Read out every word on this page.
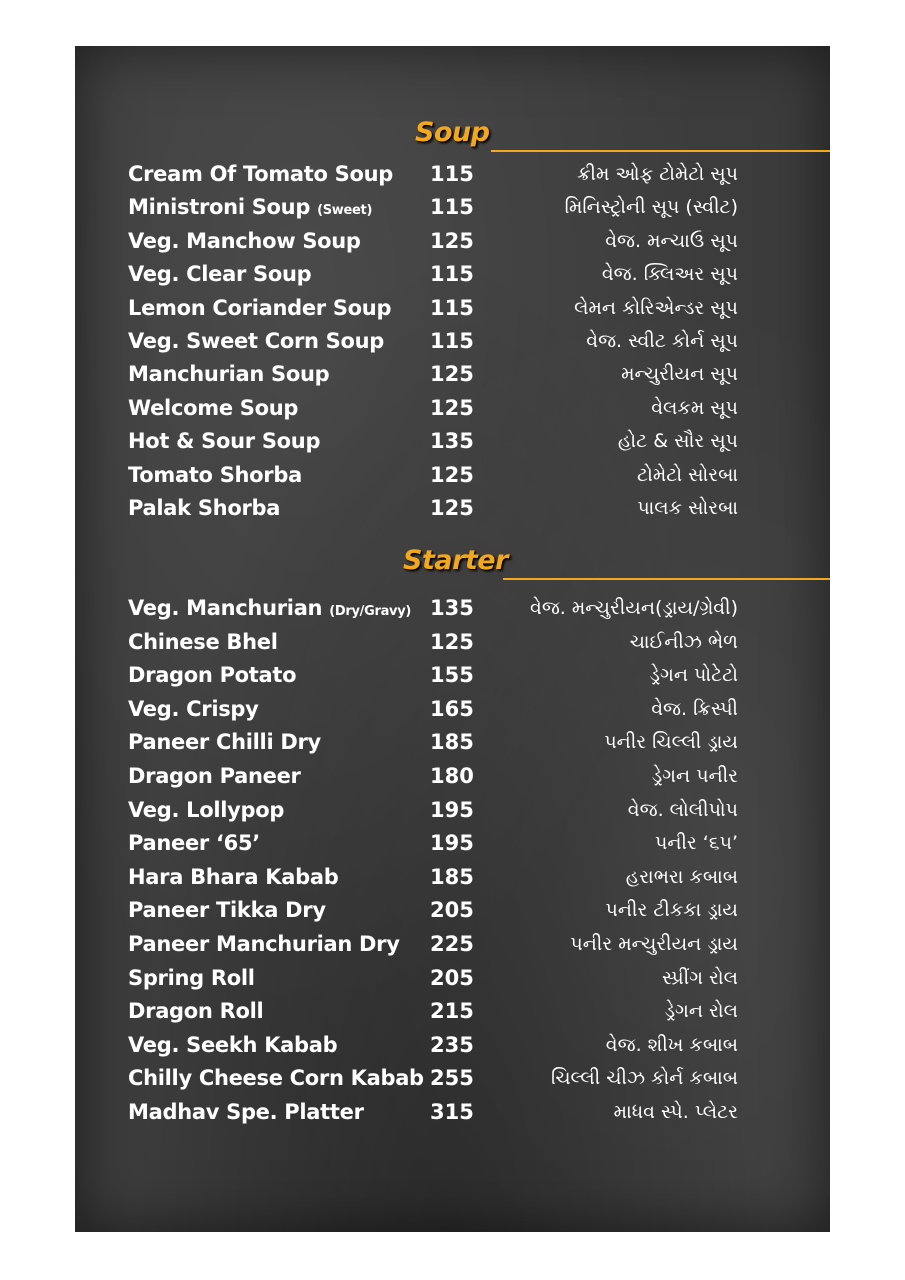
Soup
Cream Of Tomato Soup 115	ક્રીમ ઓફ ટોમેટો સૂપ
Ministroni Soup (Sweet)	115	મિનિસ્ટ્રોની સૂપ (સ્વીટ)
Veg. Manchow Soup	125	વેજ. મન્ચાઉ સૂપ
Veg. Clear Soup	115	વેજ. ક્લિઅર સૂપ
Lemon Coriander Soup 115	લેમન કોરિએન્ડર સૂપ
Veg. Sweet Corn Soup 115	વેજ. સ્વીટ કોર્ન સૂપ
Manchurian Soup	125	મન્ચુરીયન સૂપ
Welcome Soup	125	વેલકમ સૂપ
Hot & Sour Soup	135	હોટ & સૌર સૂપ
Tomato Shorba	125	ટોમેટો સોરબા
Palak Shorba	125	પાલક સોરબા
Starter
Veg. Manchurian (Dry/Gravy) 135	વેજ. મન્ચુરીયન(ડ્રાય/ગ્રેવી)
Chinese Bhel	125	ચાઈનીઝ ભેળ
Dragon Potato	155	ડ્રેગન પોટેટો
Veg. Crispy	165	વેજ. ક્રિસ્પી
Paneer Chilli Dry	185	પનીર ચિલ્લી ડ્રાય
Dragon Paneer	180	ડ્રેગન પનીર
Veg. Lollypop	195	વેજ. લોલીપોપ
Paneer ‘65’	195	પનીર ‘૬૫’
Hara Bhara Kabab	185	હરાભરા કબાબ
Paneer Tikka Dry	205	પનીર ટીકકા ડ્રાય
Paneer Manchurian Dry 225	પનીર મન્ચુરીયન ડ્રાય
Spring Roll	205	સ્પ્રીંગ રોલ
Dragon Roll	215	ડ્રેગન રોલ
Veg. Seekh Kabab	235	વેજ. શીખ કબાબ
Chilly Cheese Corn Kabab 255	ચિલ્લી ચીઝ કોર્ન કબાબ
Madhav Spe. Platter	315	માધવ સ્પે. પ્લેટર
